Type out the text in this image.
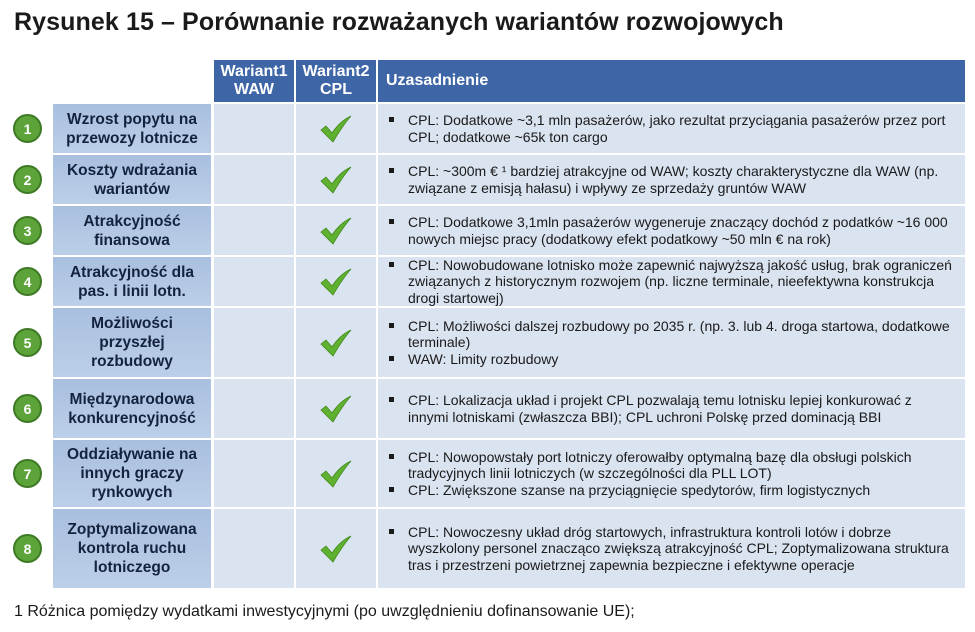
Rysunek 15 – Porównanie rozważanych wariantów rozwojowych
Wariant1 WAW
Wariant2 CPL
Uzasadnienie
1
Wzrost popytu na przewozy lotnicze
CPL: Dodatkowe ~3,1 mln pasażerów, jako rezultat przyciągania pasażerów przez port CPL; dodatkowe ~65k ton cargo
2
Koszty wdrażania wariantów
CPL: ~300m € ¹ bardziej atrakcyjne od WAW; koszty charakterystyczne dla WAW (np. związane z emisją hałasu) i wpływy ze sprzedaży gruntów WAW
3
Atrakcyjność finansowa
CPL: Dodatkowe 3,1mln pasażerów wygeneruje znaczący dochód z podatków ~16 000 nowych miejsc pracy (dodatkowy efekt podatkowy ~50 mln € na rok)
4
Atrakcyjność dla pas. i linii lotn.
CPL: Nowobudowane lotnisko może zapewnić najwyższą jakość usług, brak ograniczeń związanych z historycznym rozwojem (np. liczne terminale, nieefektywna konstrukcja drogi startowej)
5
Możliwości przyszłej rozbudowy
CPL: Możliwości dalszej rozbudowy po 2035 r. (np. 3. lub 4. droga startowa, dodatkowe terminale)
WAW: Limity rozbudowy
6
Międzynarodowa konkurencyjność
CPL: Lokalizacja układ i projekt CPL pozwalają temu lotnisku lepiej konkurować z innymi lotniskami (zwłaszcza BBI); CPL uchroni Polskę przed dominacją BBI
7
Oddziaływanie na innych graczy rynkowych
CPL: Nowopowstały port lotniczy oferowałby optymalną bazę dla obsługi polskich tradycyjnych linii lotniczych (w szczególności dla PLL LOT)
CPL: Zwiększone szanse na przyciągnięcie spedytorów, firm logistycznych
8
Zoptymalizowana kontrola ruchu lotniczego
CPL: Nowoczesny układ dróg startowych, infrastruktura kontroli lotów i dobrze wyszkolony personel znacząco zwiększą atrakcyjność CPL; Zoptymalizowana struktura tras i przestrzeni powietrznej zapewnia bezpieczne i efektywne operacje
1 Różnica pomiędzy wydatkami inwestycyjnymi (po uwzględnieniu dofinansowanie UE);
